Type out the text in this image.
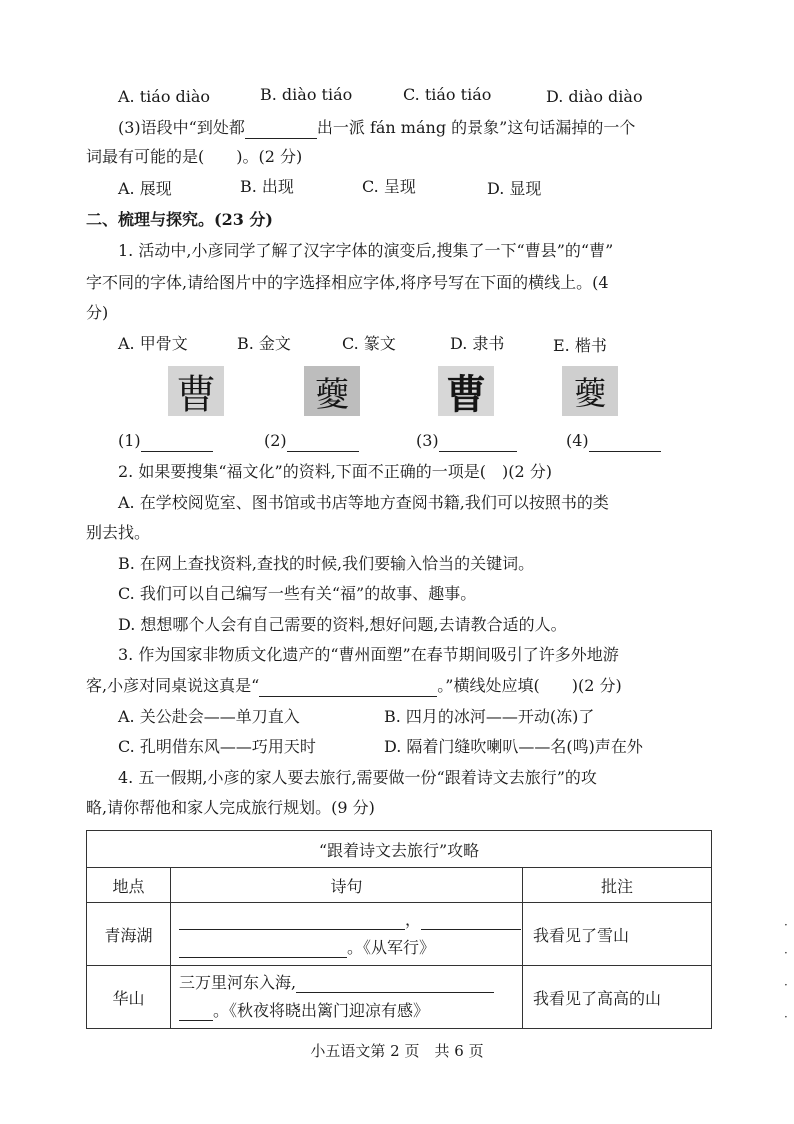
A. tiáo diào	B. diào tiáo	C. tiáo tiáo	D. diào diào
(3)语段中“到处都	出一派 fán máng 的景象”这句话漏掉的一个
词最有可能的是(　　)。(2 分)
A. 展现	B. 出现	C. 呈现	D. 显现
二、梳理与探究。(23 分)
1. 活动中,小彦同学了解了汉字字体的演变后,搜集了一下“曹县”的“曹”
字不同的字体,请给图片中的字选择相应字体,将序号写在下面的横线上。(4
分)
A. 甲骨文	B. 金文	C. 篆文	D. 隶书	E. 楷书
曹	䕫 曹	䕫
(1)	(2)	(3)	(4)
2. 如果要搜集“福文化”的资料,下面不正确的一项是(　)(2 分)
A. 在学校阅览室、图书馆或书店等地方查阅书籍,我们可以按照书的类
别去找。
B. 在网上查找资料,查找的时候,我们要输入恰当的关键词。
C. 我们可以自己编写一些有关“福”的故事、趣事。
D. 想想哪个人会有自己需要的资料,想好问题,去请教合适的人。
3. 作为国家非物质文化遗产的“曹州面塑”在春节期间吸引了许多外地游
客,小彦对同桌说这真是“	。”横线处应填(　　)(2 分)
A. 关公赴会——单刀直入	B. 四月的冰河——开动(冻)了
C. 孔明借东风——巧用天时	D. 隔着门缝吹喇叭——名(鸣)声在外
4. 五一假期,小彦的家人要去旅行,需要做一份“跟着诗文去旅行”的攻
略,请你帮他和家人完成旅行规划。(9 分)
“跟着诗文去旅行”攻略		
地点	诗句	批注
青海湖	，
。《从军行》	我看见了雪山
华山	三万里河东入海,
。《秋夜将晓出篱门迎凉有感》	我看见了高高的山
小五语文第 2 页　共 6 页
·
·
·
·
